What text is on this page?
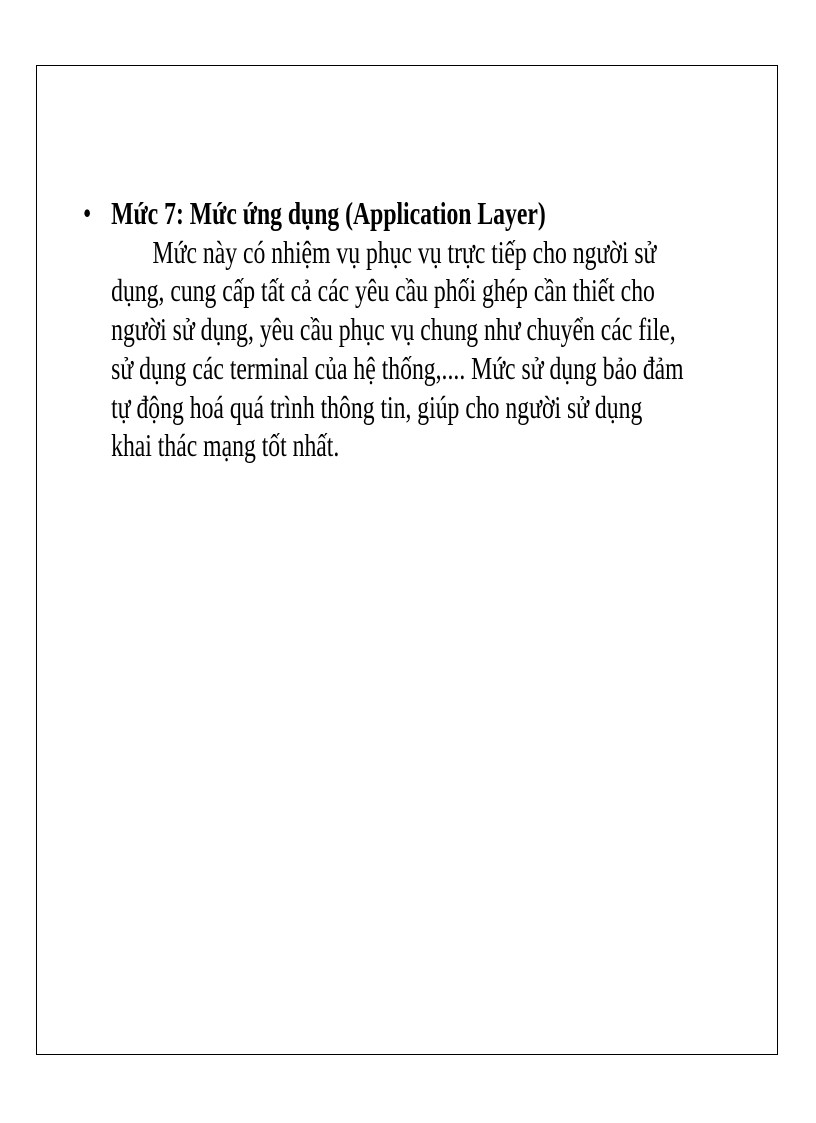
• Mức 7: Mức ứng dụng (Application Layer)
Mức này có nhiệm vụ phục vụ trực tiếp cho người sử
dụng, cung cấp tất cả các yêu cầu phối ghép cần thiết cho
người sử dụng, yêu cầu phục vụ chung như chuyển các file,
sử dụng các terminal của hệ thống,.... Mức sử dụng bảo đảm
tự động hoá quá trình thông tin, giúp cho người sử dụng
khai thác mạng tốt nhất.
